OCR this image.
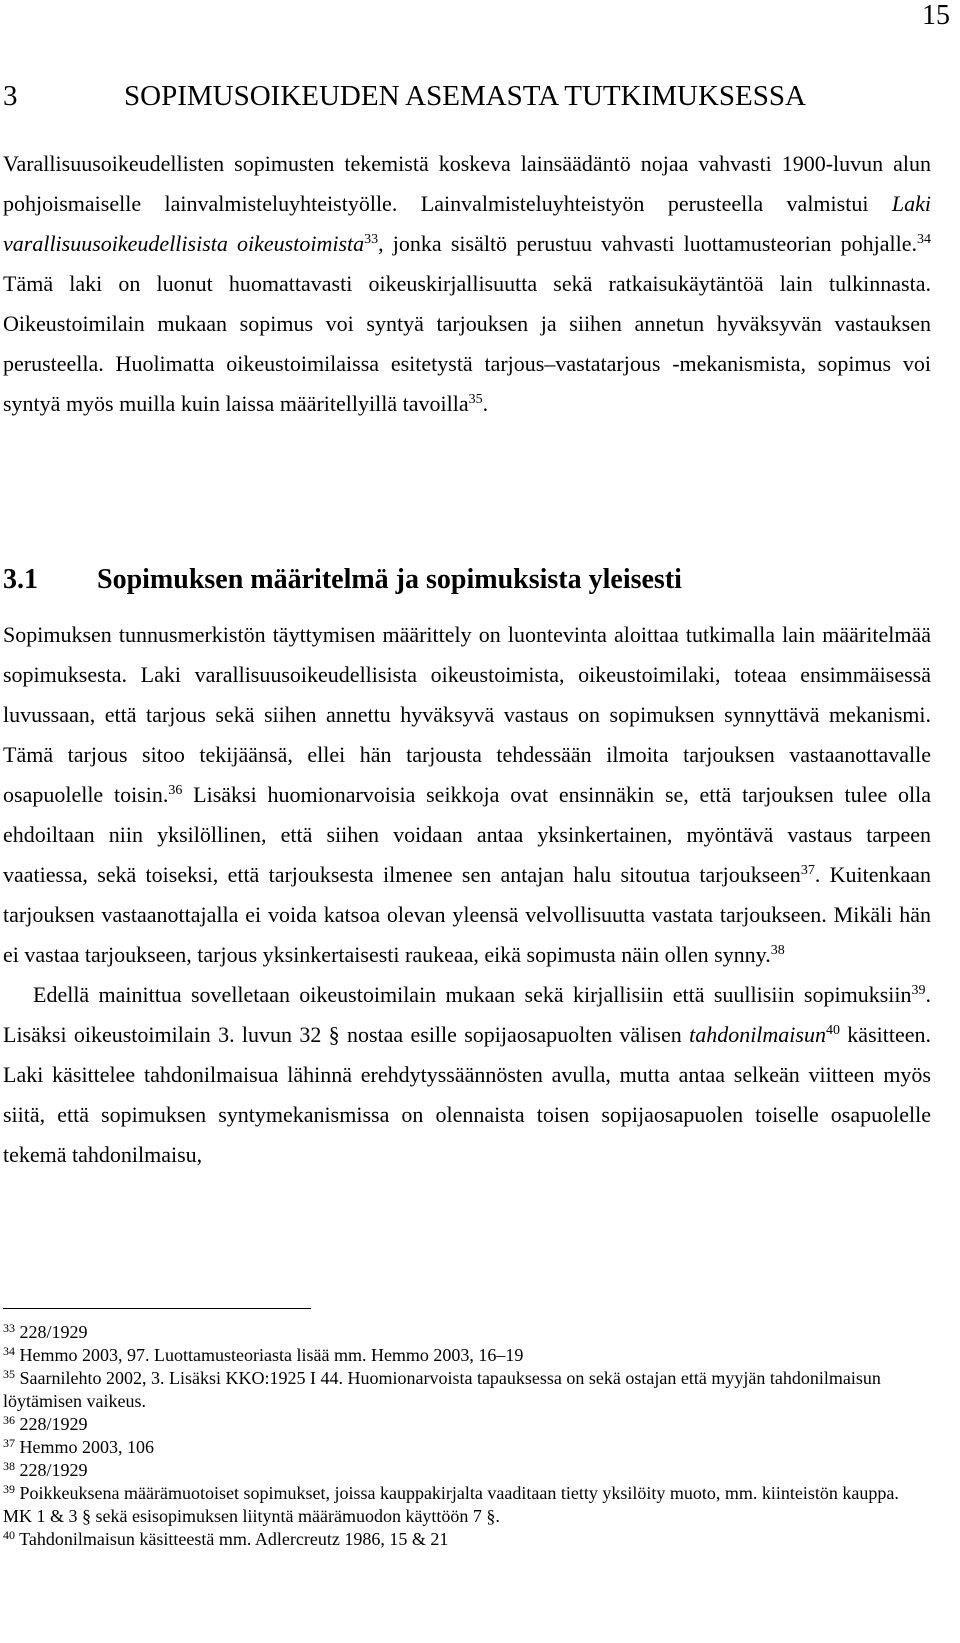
15
3	SOPIMUSOIKEUDEN ASEMASTA TUTKIMUKSESSA

Varallisuusoikeudellisten sopimusten tekemistä koskeva lainsäädäntö nojaa vahvasti 1900-luvun alun pohjoismaiselle lainvalmisteluyhteistyölle. Lainvalmisteluyhteistyön perusteella valmistui Laki varallisuusoikeudellisista oikeustoimista$^{33}$, jonka sisältö perustuu vahvasti luottamusteorian pohjalle.$^{34}$ Tämä laki on luonut huomattavasti oikeuskirjallisuutta sekä ratkaisukäytäntöä lain tulkinnasta. Oikeustoimilain mukaan sopimus voi syntyä tarjouksen ja siihen annetun hyväksyvän vastauksen perusteella. Huolimatta oikeustoimilaissa esitetystä tarjous–vastatarjous -mekanismista, sopimus voi syntyä myös muilla kuin laissa määritellyillä tavoilla$^{35}$.

3.1	Sopimuksen määritelmä ja sopimuksista yleisesti

Sopimuksen tunnusmerkistön täyttymisen määrittely on luontevinta aloittaa tutkimalla lain määritelmää sopimuksesta. Laki varallisuusoikeudellisista oikeustoimista, oikeustoimilaki, toteaa ensimmäisessä luvussaan, että tarjous sekä siihen annettu hyväksyvä vastaus on sopimuksen synnyttävä mekanismi. Tämä tarjous sitoo tekijäänsä, ellei hän tarjousta tehdessään ilmoita tarjouksen vastaanottavalle osapuolelle toisin.$^{36}$ Lisäksi huomionarvoisia seikkoja ovat ensinnäkin se, että tarjouksen tulee olla ehdoiltaan niin yksilöllinen, että siihen voidaan antaa yksinkertainen, myöntävä vastaus tarpeen vaatiessa, sekä toiseksi, että tarjouksesta ilmenee sen antajan halu sitoutua tarjoukseen$^{37}$. Kuitenkaan tarjouksen vastaanottajalla ei voida katsoa olevan yleensä velvollisuutta vastata tarjoukseen. Mikäli hän ei vastaa tarjoukseen, tarjous yksinkertaisesti raukeaa, eikä sopimusta näin ollen synny.$^{38}$

Edellä mainittua sovelletaan oikeustoimilain mukaan sekä kirjallisiin että suullisiin sopimuksiin$^{39}$. Lisäksi oikeustoimilain 3. luvun 32 § nostaa esille sopijaosapuolten välisen tahdonilmaisun$^{40}$ käsitteen. Laki käsittelee tahdonilmaisua lähinnä erehdytyssäännösten avulla, mutta antaa selkeän viitteen myös siitä, että sopimuksen syntymekanismissa on olennaista toisen sopijaosapuolen toiselle osapuolelle tekemä tahdonilmaisu,

$^{33}$ 228/1929

$^{34}$ Hemmo 2003, 97. Luottamusteoriasta lisää mm. Hemmo 2003, 16–19

$^{35}$ Saarnilehto 2002, 3. Lisäksi KKO:1925 I 44. Huomionarvoista tapauksessa on sekä ostajan että myyjän tahdonilmaisun löytämisen vaikeus.

$^{36}$ 228/1929

$^{37}$ Hemmo 2003, 106

$^{38}$ 228/1929

$^{39}$ Poikkeuksena määrämuotoiset sopimukset, joissa kauppakirjalta vaaditaan tietty yksilöity muoto, mm. kiinteistön kauppa. MK 1 & 3 § sekä esisopimuksen liityntä määrämuodon käyttöön 7 §.

$^{40}$ Tahdonilmaisun käsitteestä mm. Adlercreutz 1986, 15 & 21
